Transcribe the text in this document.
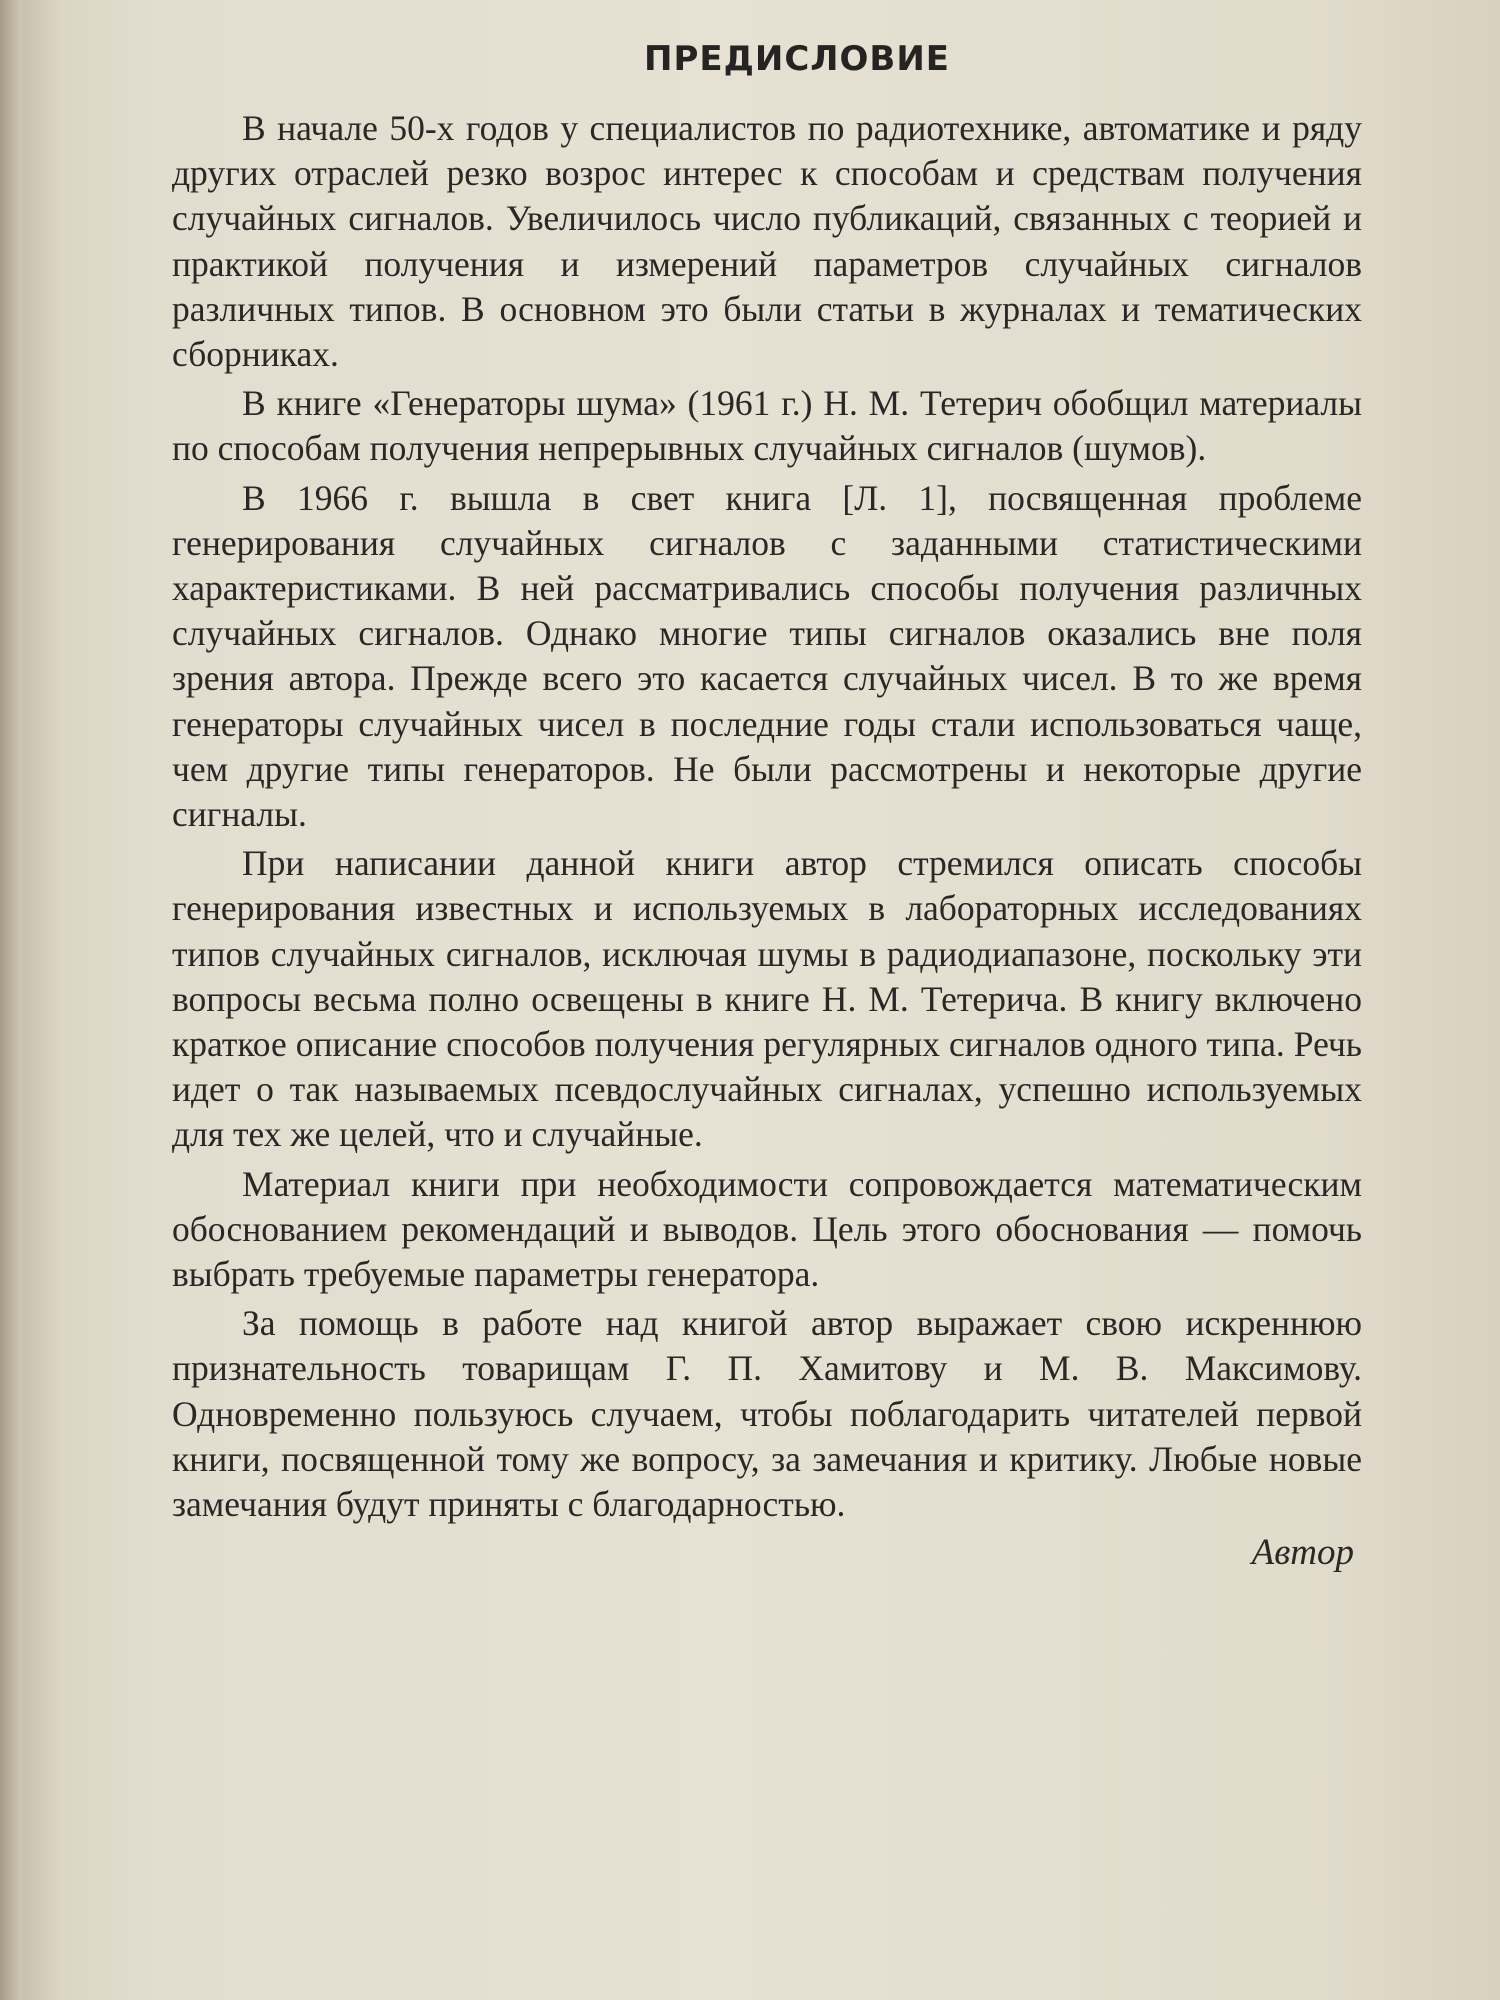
ПРЕДИСЛОВИЕ

В начале 50-х годов у специалистов по радиотехнике, автоматике и ряду других отраслей резко возрос интерес к способам и средствам получения случайных сигналов. Увеличилось число публикаций, связанных с теорией и практикой получения и измерений параметров случайных сигналов различных типов. В основном это были статьи в журналах и тематических сборниках.

В книге «Генераторы шума» (1961 г.) Н. М. Тетерич обобщил материалы по способам получения непрерывных случайных сигналов (шумов).

В 1966 г. вышла в свет книга [Л. 1], посвященная проблеме генерирования случайных сигналов с заданными статистическими характеристиками. В ней рассматривались способы получения различных случайных сигналов. Однако многие типы сигналов оказались вне поля зрения автора. Прежде всего это касается случайных чисел. В то же время генераторы случайных чисел в последние годы стали использоваться чаще, чем другие типы генераторов. Не были рассмотрены и некоторые другие сигналы.

При написании данной книги автор стремился описать способы генерирования известных и используемых в лабораторных исследованиях типов случайных сигналов, исключая шумы в радиодиапазоне, поскольку эти вопросы весьма полно освещены в книге Н. М. Тетерича. В книгу включено краткое описание способов получения регулярных сигналов одного типа. Речь идет о так называемых псевдослучайных сигналах, успешно используемых для тех же целей, что и случайные.

Материал книги при необходимости сопровождается математическим обоснованием рекомендаций и выводов. Цель этого обоснования — помочь выбрать требуемые параметры генератора.

За помощь в работе над книгой автор выражает свою искреннюю признательность товарищам Г. П. Хамитову и М. В. Максимову. Одновременно пользуюсь случаем, чтобы поблагодарить читателей первой книги, посвященной тому же вопросу, за замечания и критику. Любые новые замечания будут приняты с благодарностью.

Автор
